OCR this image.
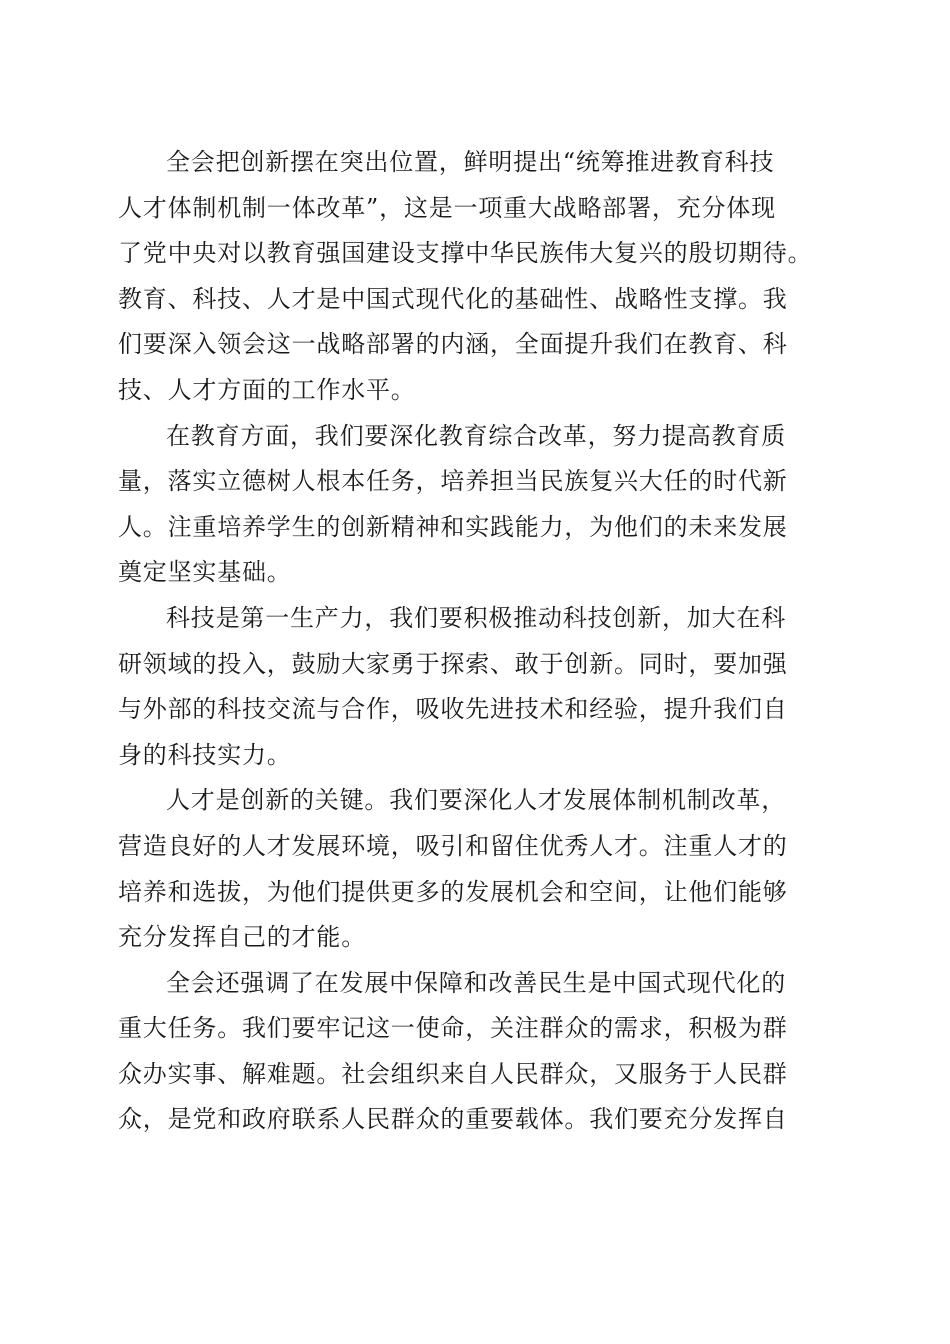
全会把创新摆在突出位置，鲜明提出“统筹推进教育科技
人才体制机制一体改革”，这是一项重大战略部署，充分体现
了党中央对以教育强国建设支撑中华民族伟大复兴的殷切期待。
教育、科技、人才是中国式现代化的基础性、战略性支撑。我
们要深入领会这一战略部署的内涵，全面提升我们在教育、科
技、人才方面的工作水平。
在教育方面，我们要深化教育综合改革，努力提高教育质
量，落实立德树人根本任务，培养担当民族复兴大任的时代新
人。注重培养学生的创新精神和实践能力，为他们的未来发展
奠定坚实基础。
科技是第一生产力，我们要积极推动科技创新，加大在科
研领域的投入，鼓励大家勇于探索、敢于创新。同时，要加强
与外部的科技交流与合作，吸收先进技术和经验，提升我们自
身的科技实力。
人才是创新的关键。我们要深化人才发展体制机制改革，
营造良好的人才发展环境，吸引和留住优秀人才。注重人才的
培养和选拔，为他们提供更多的发展机会和空间，让他们能够
充分发挥自己的才能。
全会还强调了在发展中保障和改善民生是中国式现代化的
重大任务。我们要牢记这一使命，关注群众的需求，积极为群
众办实事、解难题。社会组织来自人民群众，又服务于人民群
众，是党和政府联系人民群众的重要载体。我们要充分发挥自
